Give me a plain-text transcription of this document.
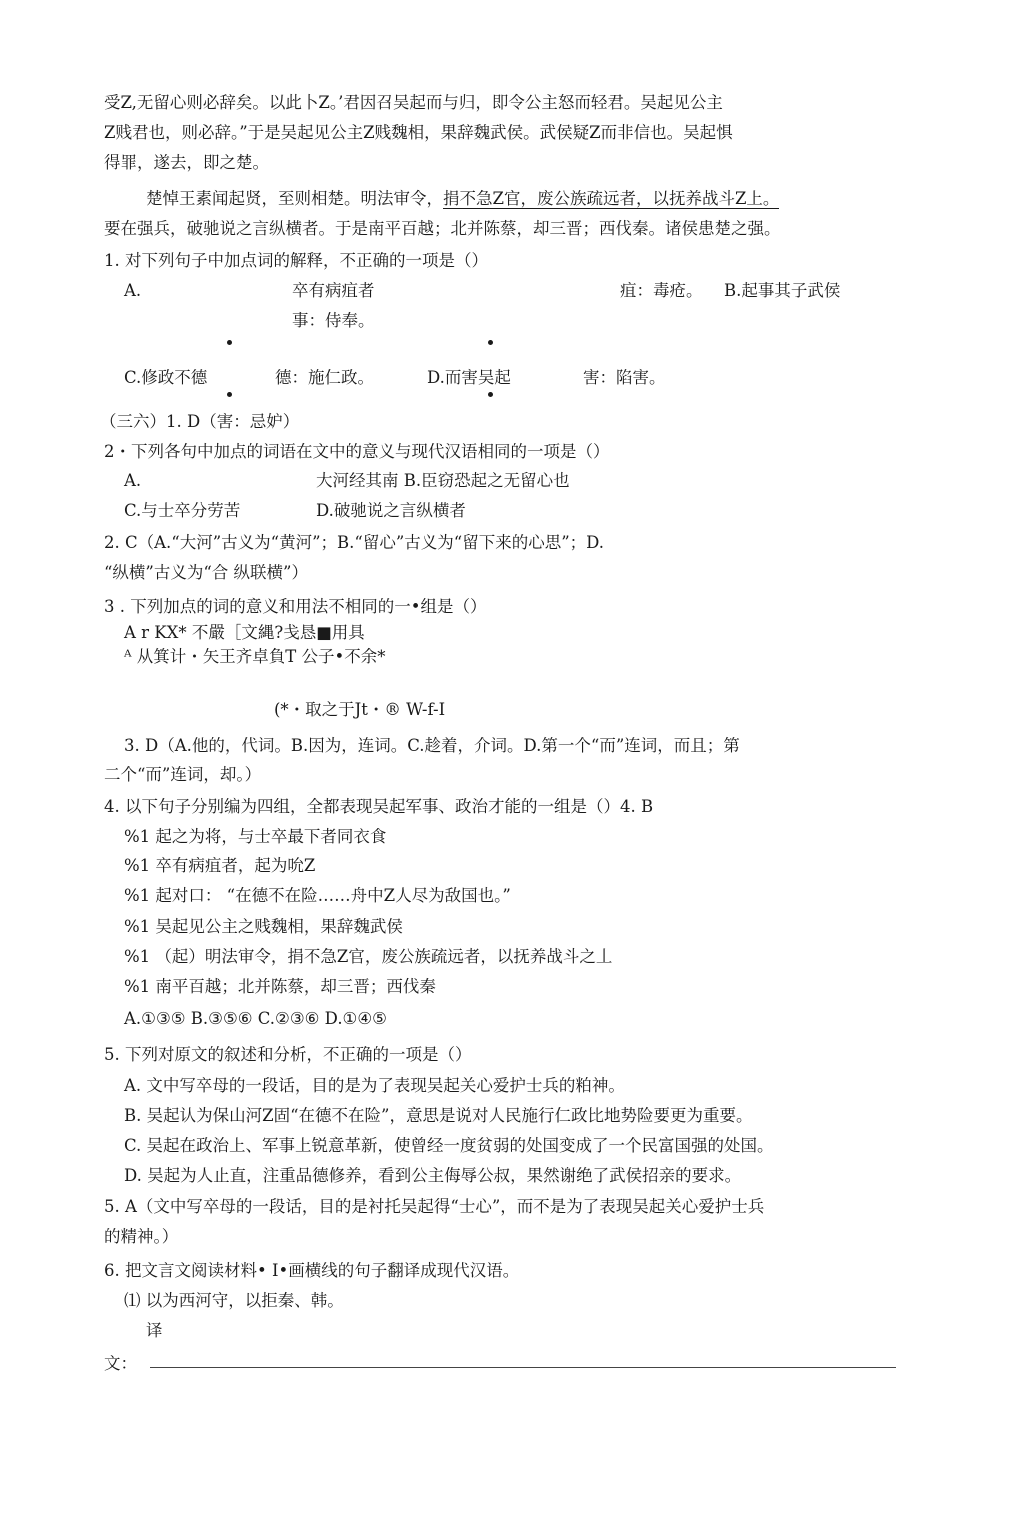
受Z,无留心则必辞矣。以此卜Z。’君因召吴起而与归，即令公主怒而轻君。吴起见公主
Z贱君也，则必辞。”于是吴起见公主Z贱魏相，果辞魏武侯。武侯疑Z而非信也。吴起惧
得罪，遂去，即之楚。
楚悼王素闻起贤，至则相楚。明法审令，捐不急Z官，废公族疏远者，以抚养战斗Z上。
要在强兵，破驰说之言纵横者。于是南平百越；北并陈蔡，却三晋；西伐秦。诸侯患楚之强。
1. 对下列句子中加点词的解释，不正确的一项是（）
A.	卒有病疽者	疽：毒疮。 B.起事其子武侯
事：侍奉。
C.修政不德	德：施仁政。	D.而害吴起	害：陷害。
（三六）1. D（害：忌妒）
2・下列各句中加点的词语在文中的意义与现代汉语相同的一项是（）
A.	大河经其南 B.臣窃恐起之无留心也
C.与士卒分劳苦	D.破驰说之言纵横者
2. C（A.“大河”古义为“黄河”；B.“留心”古义为“留下来的心思”；D.
“纵横”古义为“合 纵联横”）
3 . 下列加点的词的意义和用法不相同的一•组是（）
A r KX* 不嚴［文縄?戋恳■用具
ᴬ 从箕计・矢王齐卓負T 公子•不余*
(*・取之于Jt・® W-f-I
3. D（A.他的，代词。B.因为，连词。C.趁着，介词。D.第一个“而”连词，而且；第
二个“而”连词，却。）
4. 以下句子分别编为四组，全都表现吴起军事、政治才能的一组是（）4. B
%1 起之为将，与士卒最下者同衣食
%1 卒有病疽者，起为吮Z
%1 起对口： “在德不在险……舟中Z人尽为敌国也。”
%1 吴起见公主之贱魏相，果辞魏武侯
%1 （起）明法审令，捐不急Z官，废公族疏远者，以抚养战斗之丄
%1 南平百越；北并陈蔡，却三晋；西伐秦
A.①③⑤ B.③⑤⑥ C.②③⑥ D.①④⑤
5. 下列对原文的叙述和分析，不正确的一项是（）
A. 文中写卒母的一段话，目的是为了表现吴起关心爱护士兵的粕神。
B. 吴起认为保山河Z固“在德不在险”，意思是说对人民施行仁政比地势险要更为重要。
C. 吴起在政治上、军事上锐意革新，使曾经一度贫弱的处国变成了一个民富国强的处国。
D. 吴起为人止直，注重品德修养，看到公主侮辱公叔，果然谢绝了武侯招亲的要求。
5. A（文中写卒母的一段话，目的是衬托吴起得“士心”，而不是为了表现吴起关心爱护士兵
的精神。）
6. 把文言文阅读材料• I•画横线的句子翻译成现代汉语。
⑴ 以为西河守，以拒秦、韩。
译
文：
